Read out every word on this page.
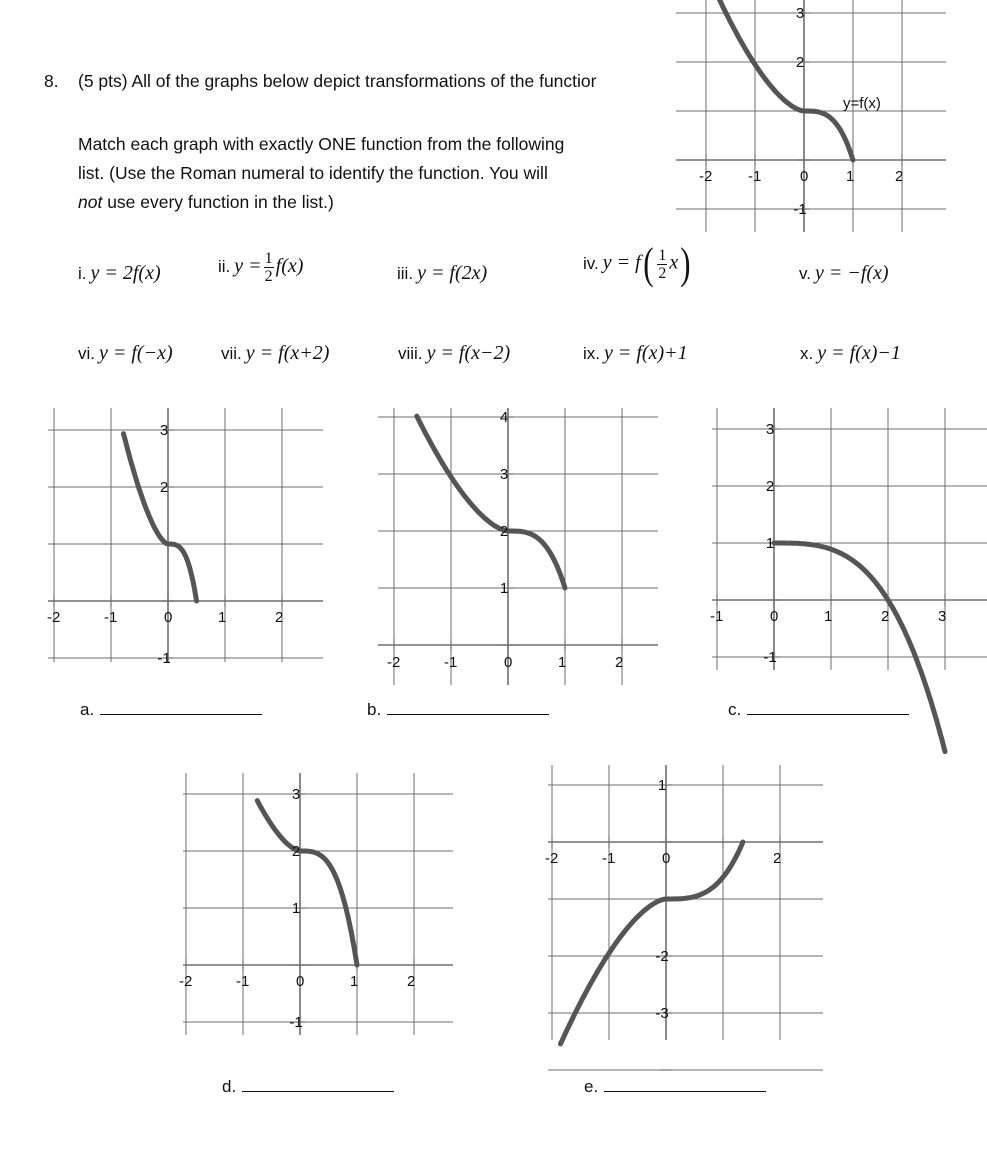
8. (5 pts) All of the graphs below depict transformations of the functior
Match each graph with exactly ONE function from the following
list. (Use the Roman numeral to identify the function. You will
not use every function in the list.)
-2 -1	0	1	2
3
2
-1
y=f(x)
i. y = 2f(x)	ii. $y = \frac{1}{2} f(x)$	iii. y = f(2x)	iv. $y = f( \frac{1}{2} x)$	v. y = −f(x)
vi. y = f(−x)	vii. y = f(x+2)	viii. y = f(x−2)	ix. y = f(x)+1	x. y = f(x)−1
-2	-1	0	1	2
3
2
-1	-2	-1	0	1	2
4
3
2
1
-1	0	1	2	3
3
2
1
-1
-2	-1	0	1	2
3
2
1
-1
-2	-1	0	2
1
-2
-3
a.	b.	c.
d.	e.
